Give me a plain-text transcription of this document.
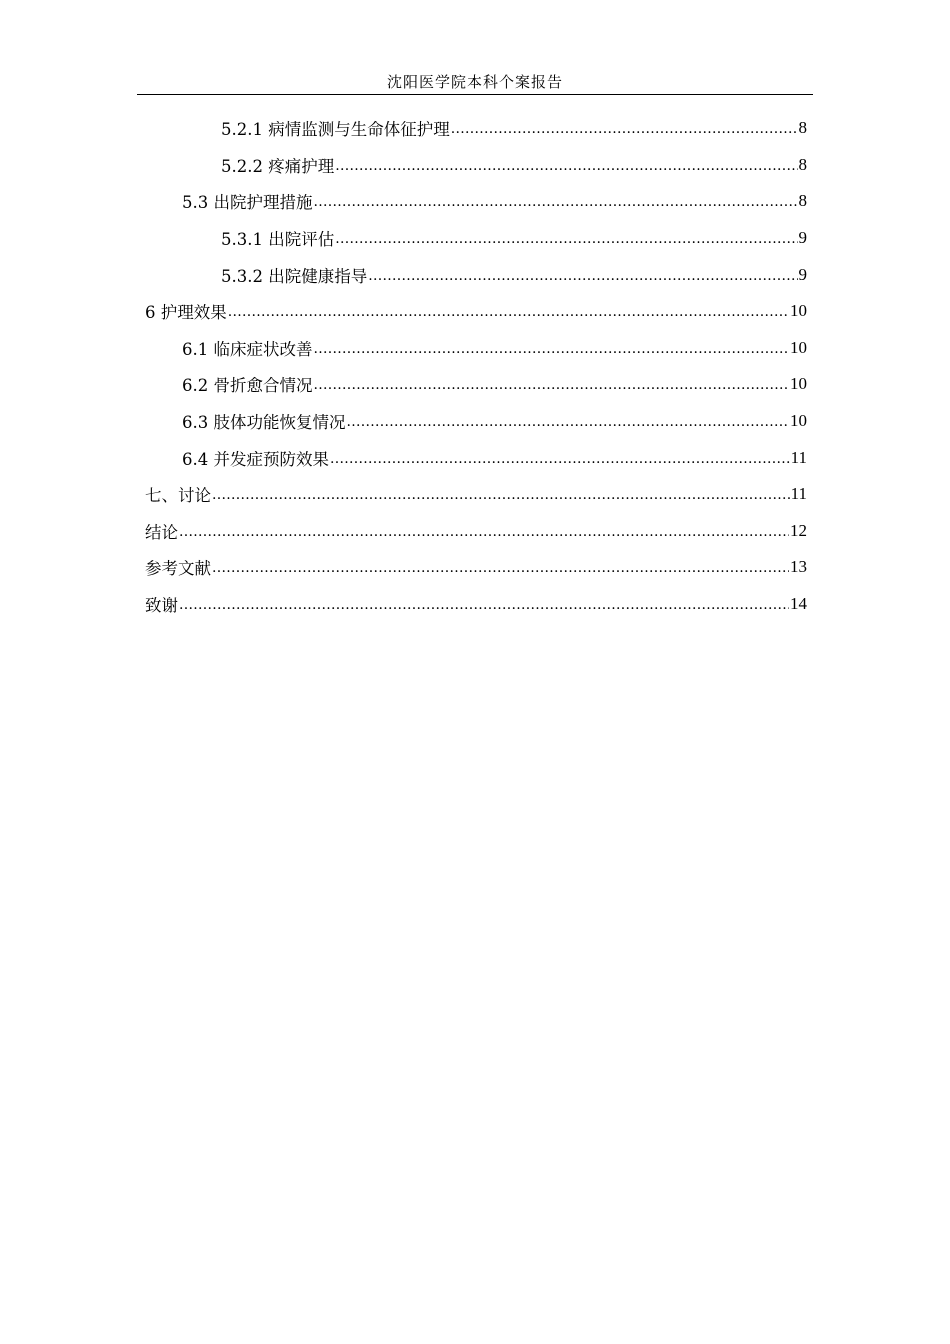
沈阳医学院本科个案报告
5.2.1 病情监测与生命体征护理 .....	8
5.2.2 疼痛护理 .....	8
5.3 出院护理措施 .....	8
5.3.1 出院评估 .....	9
5.3.2 出院健康指导 .....	9
6 护理效果 .....	10
6.1 临床症状改善 .....	10
6.2 骨折愈合情况 .....	10
6.3 肢体功能恢复情况 .....	10
6.4 并发症预防效果 .....	11
七、讨论 .....	11
结论 .....	12
参考文献 .....	13
致谢 .....	14
